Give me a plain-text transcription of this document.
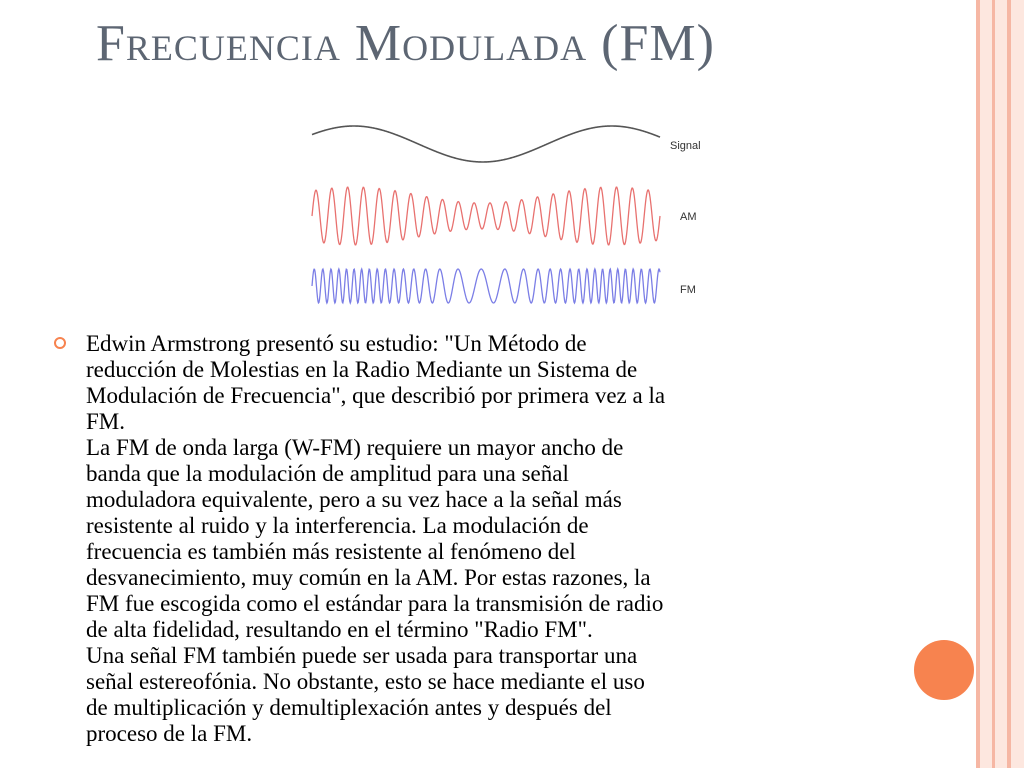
Frecuencia Modulada (FM)
Signal
AM
FM

Edwin Armstrong presentó su estudio: "Un Método de
reducción de Molestias en la Radio Mediante un Sistema de
Modulación de Frecuencia", que describió por primera vez a la
FM.

La FM de onda larga (W-FM) requiere un mayor ancho de
banda que la modulación de amplitud para una señal
moduladora equivalente, pero a su vez hace a la señal más
resistente al ruido y la interferencia. La modulación de
frecuencia es también más resistente al fenómeno del
desvanecimiento, muy común en la AM. Por estas razones, la
FM fue escogida como el estándar para la transmisión de radio
de alta fidelidad, resultando en el término "Radio FM".

Una señal FM también puede ser usada para transportar una
señal estereofónia. No obstante, esto se hace mediante el uso
de multiplicación y demultiplexación antes y después del
proceso de la FM.
